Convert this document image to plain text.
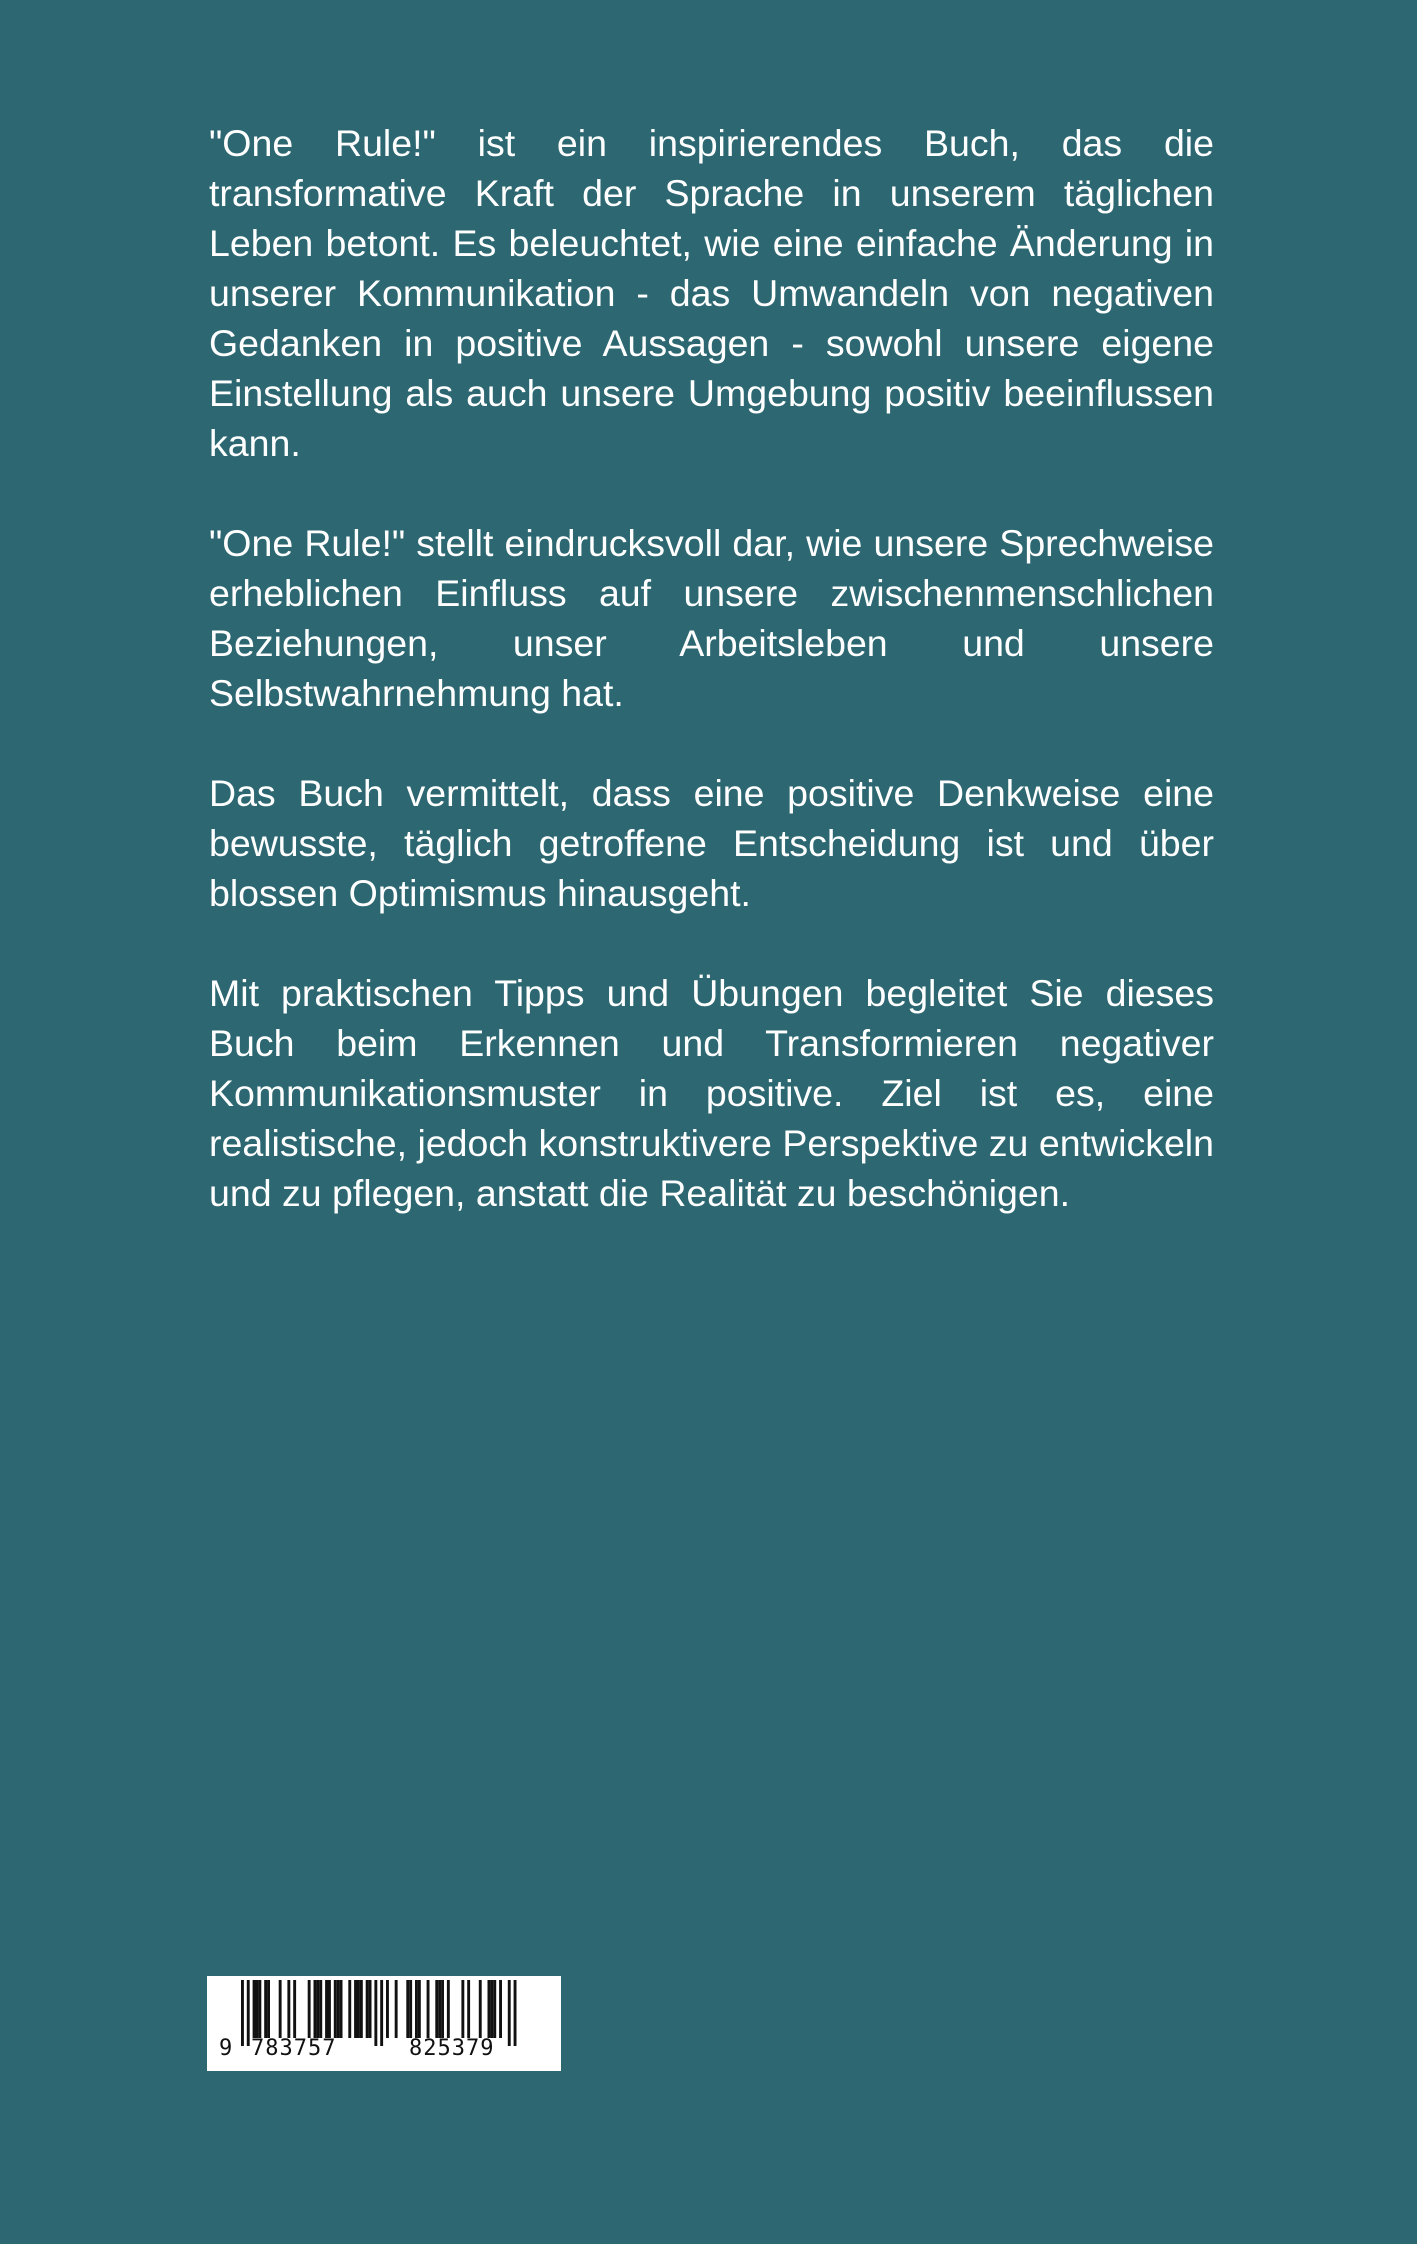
"One Rule!" ist ein inspirierendes Buch, das die transformative Kraft der Sprache in unserem täglichen Leben betont. Es beleuchtet, wie eine einfache Änderung in unserer Kommunikation - das Umwandeln von negativen Gedanken in positive Aussagen - sowohl unsere eigene Einstellung als auch unsere Umgebung positiv beeinflussen kann.

"One Rule!" stellt eindrucksvoll dar, wie unsere Sprechweise erheblichen Einfluss auf unsere zwischenmenschlichen Beziehungen, unser Arbeitsleben und unsere Selbstwahrnehmung hat.

Das Buch vermittelt, dass eine positive Denkweise eine bewusste, täglich getroffene Entscheidung ist und über blossen Optimismus hinausgeht.

Mit praktischen Tipps und Übungen begleitet Sie dieses Buch beim Erkennen und Transformieren negativer Kommunikationsmuster in positive. Ziel ist es, eine realistische, jedoch konstruktivere Perspektive zu entwickeln und zu pflegen, anstatt die Realität zu beschönigen.

9 783757	825379
